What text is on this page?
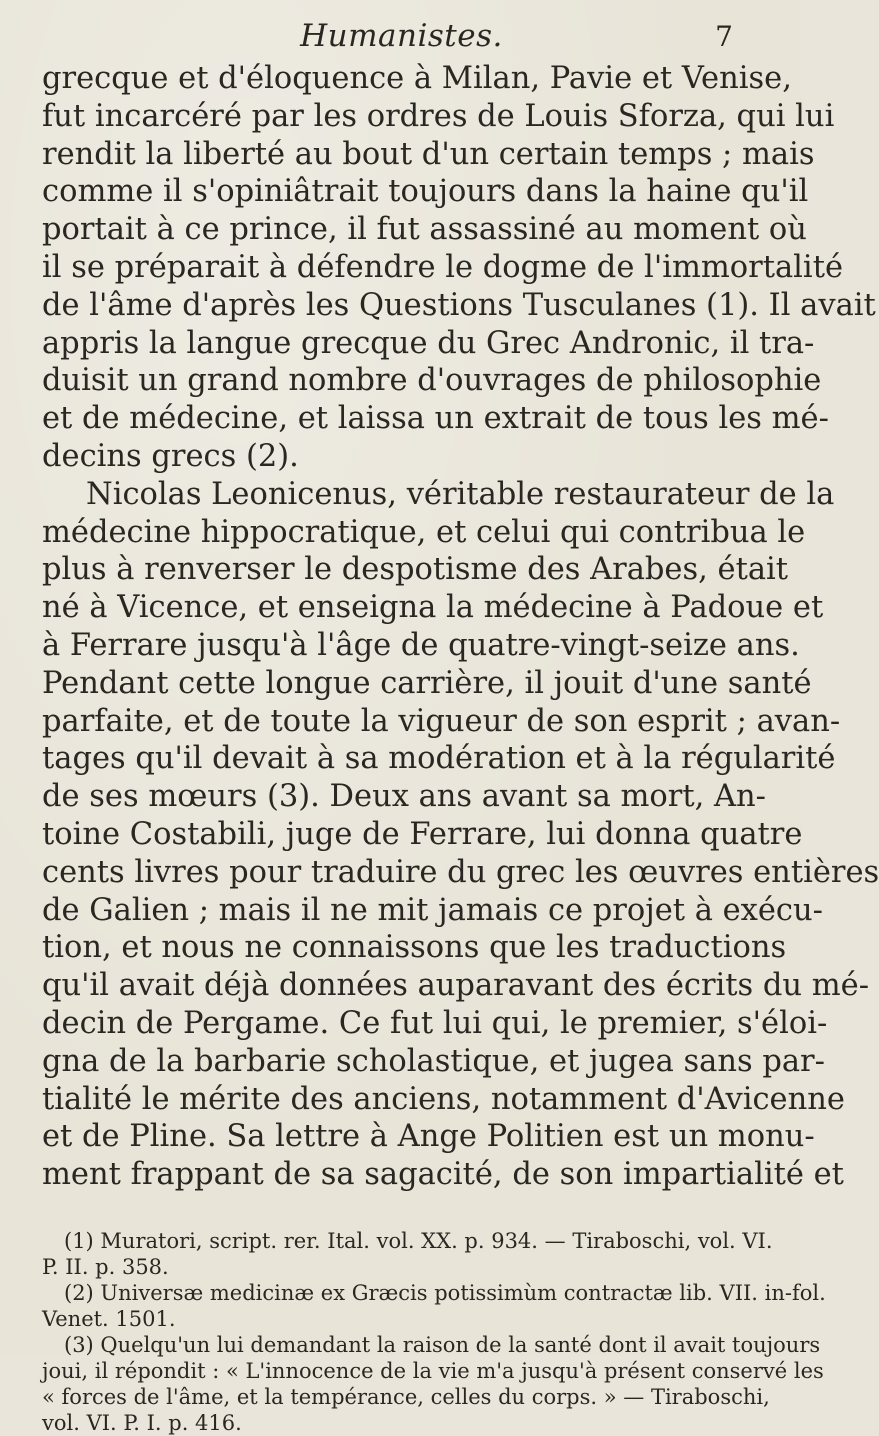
Humanistes.	7
grecque et d'éloquence à Milan, Pavie et Venise,
fut incarcéré par les ordres de Louis Sforza, qui lui
rendit la liberté au bout d'un certain temps ; mais
comme il s'opiniâtrait toujours dans la haine qu'il
portait à ce prince, il fut assassiné au moment où
il se préparait à défendre le dogme de l'immortalité
de l'âme d'après les Questions Tusculanes (1). Il avait
appris la langue grecque du Grec Andronic, il tra-
duisit un grand nombre d'ouvrages de philosophie
et de médecine, et laissa un extrait de tous les mé-
decins grecs (2).
Nicolas Leonicenus, véritable restaurateur de la
médecine hippocratique, et celui qui contribua le
plus à renverser le despotisme des Arabes, était
né à Vicence, et enseigna la médecine à Padoue et
à Ferrare jusqu'à l'âge de quatre-vingt-seize ans.
Pendant cette longue carrière, il jouit d'une santé
parfaite, et de toute la vigueur de son esprit ; avan-
tages qu'il devait à sa modération et à la régularité
de ses mœurs (3). Deux ans avant sa mort, An-
toine Costabili, juge de Ferrare, lui donna quatre
cents livres pour traduire du grec les œuvres entières
de Galien ; mais il ne mit jamais ce projet à exécu-
tion, et nous ne connaissons que les traductions
qu'il avait déjà données auparavant des écrits du mé-
decin de Pergame. Ce fut lui qui, le premier, s'éloi-
gna de la barbarie scholastique, et jugea sans par-
tialité le mérite des anciens, notamment d'Avicenne
et de Pline. Sa lettre à Ange Politien est un monu-
ment frappant de sa sagacité, de son impartialité et
(1) Muratori, script. rer. Ital. vol. XX. p. 934. — Tiraboschi, vol. VI.
P. II. p. 358.
(2) Universæ medicinæ ex Græcis potissimùm contractæ lib. VII. in-fol.
Venet. 1501.
(3) Quelqu'un lui demandant la raison de la santé dont il avait toujours
joui, il répondit : « L'innocence de la vie m'a jusqu'à présent conservé les
« forces de l'âme, et la tempérance, celles du corps. » — Tiraboschi,
vol. VI. P. I. p. 416.
